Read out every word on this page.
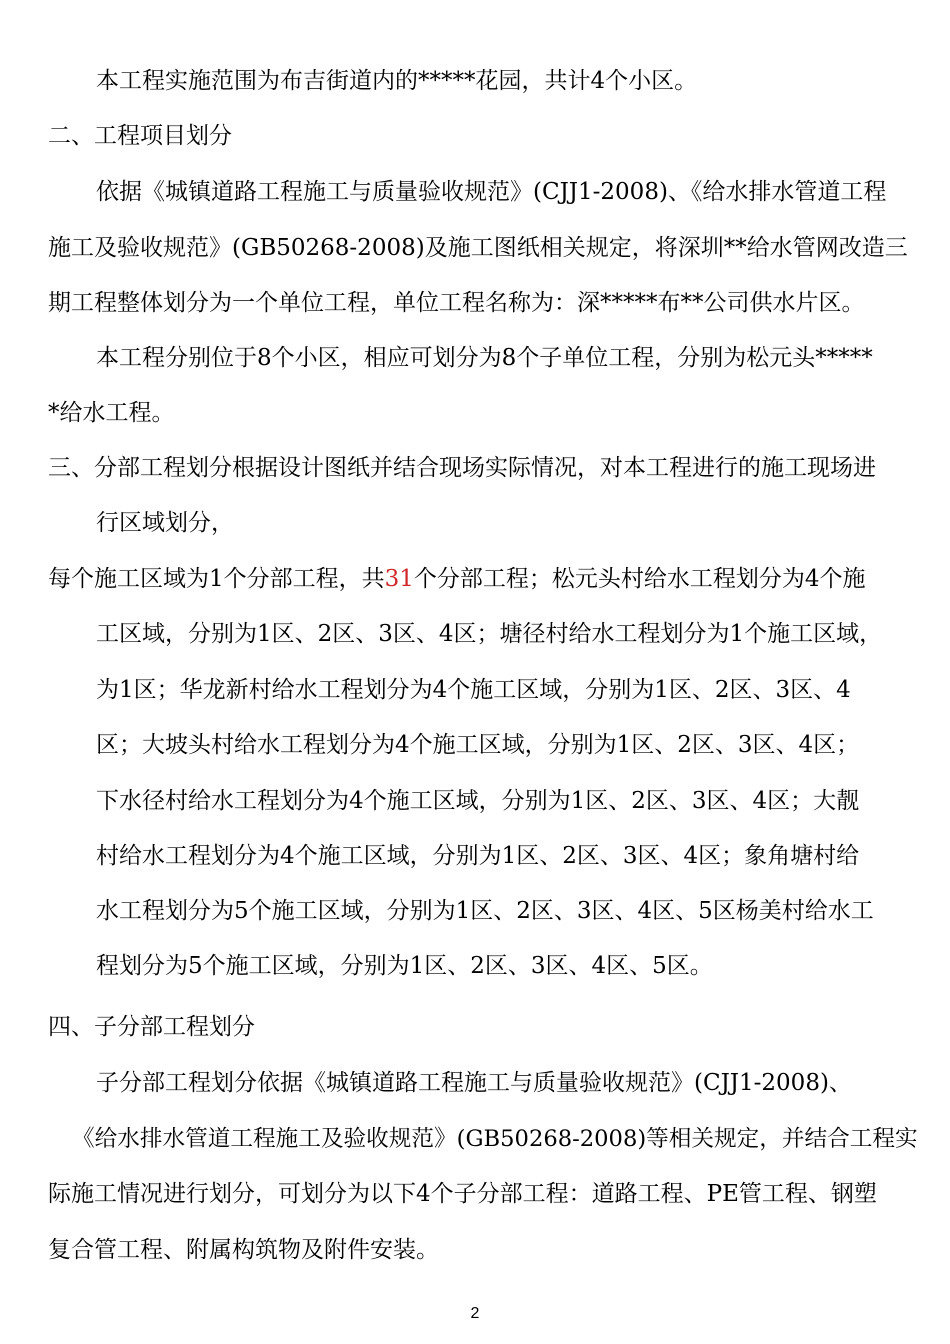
本工程实施范围为布吉街道内的*****花园，共计4个小区。
二、工程项目划分
依据《城镇道路工程施工与质量验收规范》(CJJ1-2008)、《给水排水管道工程
施工及验收规范》(GB50268-2008)及施工图纸相关规定，将深圳**给水管网改造三
期工程整体划分为一个单位工程，单位工程名称为：深*****布**公司供水片区。
本工程分别位于8个小区，相应可划分为8个子单位工程，分别为松元头*****
*给水工程。
三、分部工程划分根据设计图纸并结合现场实际情况，对本工程进行的施工现场进
行区域划分，
每个施工区域为1个分部工程，共31个分部工程；松元头村给水工程划分为4个施
工区域，分别为1区、2区、3区、4区；塘径村给水工程划分为1个施工区域，
为1区；华龙新村给水工程划分为4个施工区域，分别为1区、2区、3区、4
区；大坡头村给水工程划分为4个施工区域，分别为1区、2区、3区、4区；
下水径村给水工程划分为4个施工区域，分别为1区、2区、3区、4区；大靓
村给水工程划分为4个施工区域，分别为1区、2区、3区、4区；象角塘村给
水工程划分为5个施工区域，分别为1区、2区、3区、4区、5区杨美村给水工
程划分为5个施工区域，分别为1区、2区、3区、4区、5区。
四、子分部工程划分
子分部工程划分依据《城镇道路工程施工与质量验收规范》(CJJ1-2008)、
《给水排水管道工程施工及验收规范》(GB50268-2008)等相关规定，并结合工程实
际施工情况进行划分，可划分为以下4个子分部工程：道路工程、PE管工程、钢塑
复合管工程、附属构筑物及附件安装。
2
